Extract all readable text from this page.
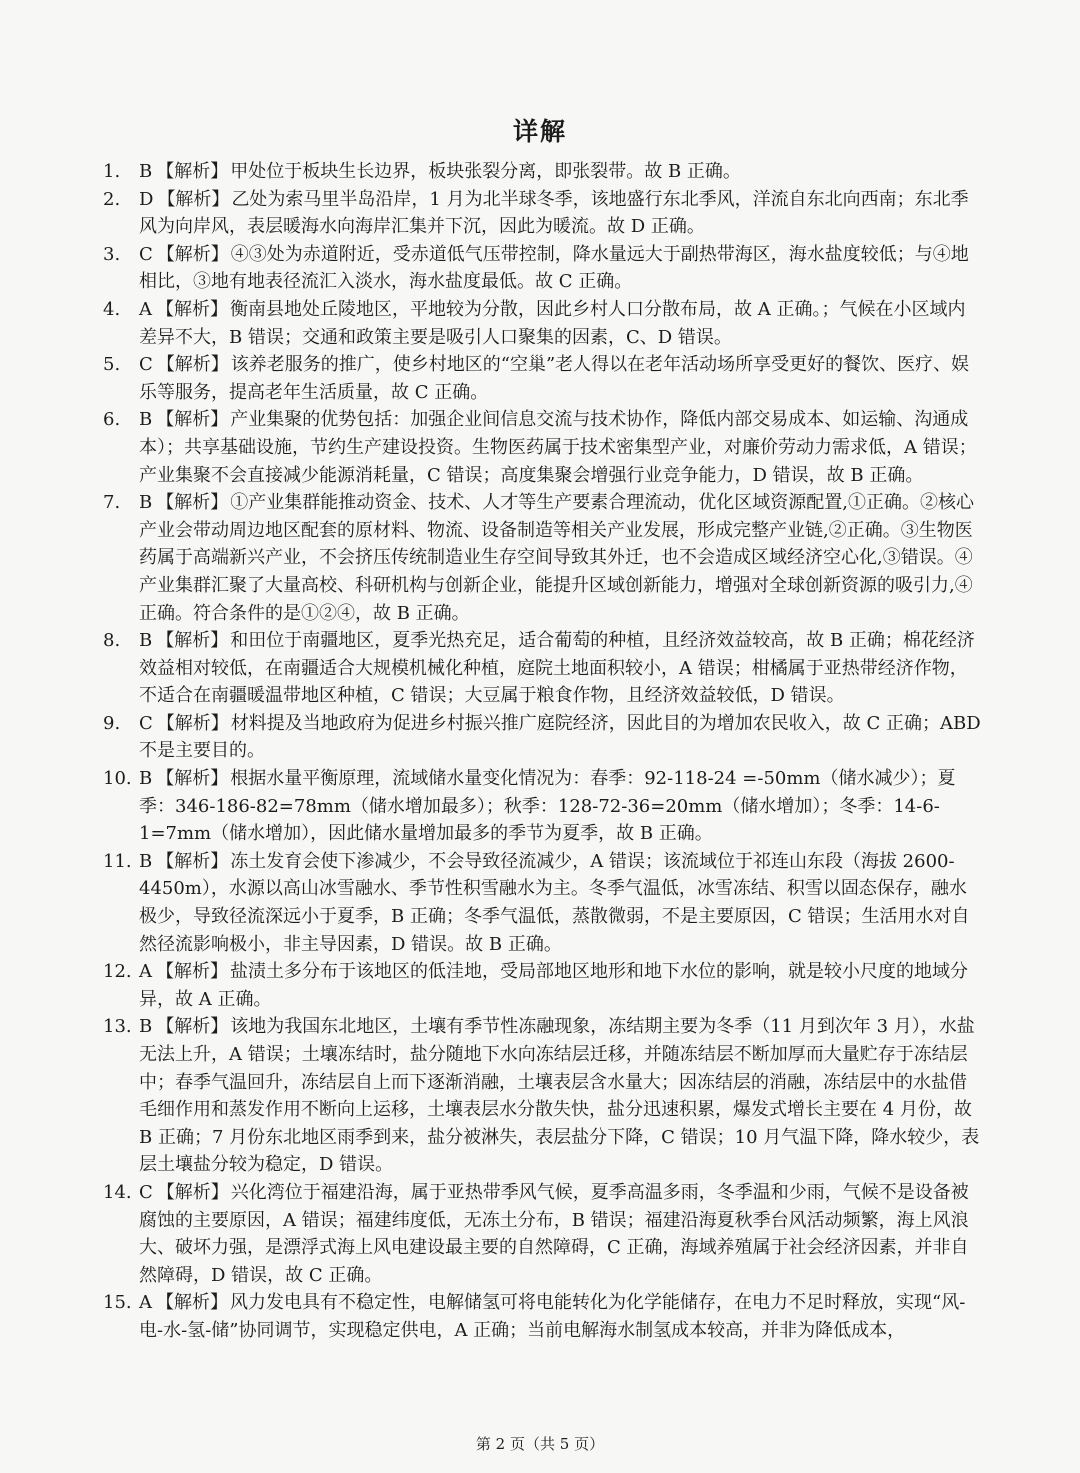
详解
1.	B 【解析】 甲处位于板块生长边界，板块张裂分离，即张裂带。故 B 正确。
2.	D 【解析】 乙处为索马里半岛沿岸，1 月为北半球冬季，该地盛行东北季风，洋流自东北向西南；东北季风为向岸风，表层暖海水向海岸汇集并下沉，因此为暖流。故 D 正确。
3.	C 【解析】 ④③处为赤道附近，受赤道低气压带控制，降水量远大于副热带海区，海水盐度较低；与④地相比，③地有地表径流汇入淡水，海水盐度最低。故 C 正确。
4.	A 【解析】 衡南县地处丘陵地区，平地较为分散，因此乡村人口分散布局，故 A 正确。；气候在小区域内差异不大，B 错误；交通和政策主要是吸引人口聚集的因素，C、D 错误。
5.	C 【解析】 该养老服务的推广，使乡村地区的“空巢”老人得以在老年活动场所享受更好的餐饮、医疗、娱乐等服务，提高老年生活质量，故 C 正确。
6.	B 【解析】 产业集聚的优势包括：加强企业间信息交流与技术协作，降低内部交易成本、如运输、沟通成本）；共享基础设施，节约生产建设投资。生物医药属于技术密集型产业，对廉价劳动力需求低，A 错误；产业集聚不会直接减少能源消耗量，C 错误；高度集聚会增强行业竞争能力，D 错误，故 B 正确。
7.	B 【解析】 ①产业集群能推动资金、技术、人才等生产要素合理流动，优化区域资源配置,①正确。②核心产业会带动周边地区配套的原材料、物流、设备制造等相关产业发展，形成完整产业链,②正确。③生物医药属于高端新兴产业，不会挤压传统制造业生存空间导致其外迁，也不会造成区域经济空心化,③错误。④产业集群汇聚了大量高校、科研机构与创新企业，能提升区域创新能力，增强对全球创新资源的吸引力,④正确。符合条件的是①②④，故 B 正确。
8.	B 【解析】 和田位于南疆地区，夏季光热充足，适合葡萄的种植，且经济效益较高，故 B 正确；棉花经济效益相对较低，在南疆适合大规模机械化种植，庭院土地面积较小，A 错误；柑橘属于亚热带经济作物，不适合在南疆暖温带地区种植，C 错误；大豆属于粮食作物，且经济效益较低，D 错误。
9.	C 【解析】 材料提及当地政府为促进乡村振兴推广庭院经济，因此目的为增加农民收入，故 C 正确；ABD 不是主要目的。
10. B 【解析】 根据水量平衡原理，流域储水量变化情况为：春季：92-118-24 =-50mm（储水减少）；夏季：346-186-82=78mm（储水增加最多）；秋季：128-72-36=20mm（储水增加）；冬季：14-6-1=7mm（储水增加），因此储水量增加最多的季节为夏季，故 B 正确。
11. B 【解析】 冻土发育会使下渗减少，不会导致径流减少，A 错误；该流域位于祁连山东段（海拔 2600-4450m），水源以高山冰雪融水、季节性积雪融水为主。冬季气温低，冰雪冻结、积雪以固态保存，融水极少，导致径流深远小于夏季，B 正确；冬季气温低，蒸散微弱，不是主要原因，C 错误；生活用水对自然径流影响极小，非主导因素，D 错误。故 B 正确。
12. A 【解析】 盐渍土多分布于该地区的低洼地，受局部地区地形和地下水位的影响，就是较小尺度的地域分异，故 A 正确。
13. B 【解析】 该地为我国东北地区，土壤有季节性冻融现象，冻结期主要为冬季（11 月到次年 3 月），水盐无法上升，A 错误；土壤冻结时，盐分随地下水向冻结层迁移，并随冻结层不断加厚而大量贮存于冻结层中；春季气温回升，冻结层自上而下逐渐消融，土壤表层含水量大；因冻结层的消融，冻结层中的水盐借毛细作用和蒸发作用不断向上运移，土壤表层水分散失快，盐分迅速积累，爆发式增长主要在 4 月份，故 B 正确；7 月份东北地区雨季到来，盐分被淋失，表层盐分下降，C 错误；10 月气温下降，降水较少，表层土壤盐分较为稳定，D 错误。
14. C 【解析】 兴化湾位于福建沿海，属于亚热带季风气候，夏季高温多雨，冬季温和少雨，气候不是设备被腐蚀的主要原因，A 错误；福建纬度低，无冻土分布，B 错误；福建沿海夏秋季台风活动频繁，海上风浪大、破坏力强，是漂浮式海上风电建设最主要的自然障碍，C 正确，海域养殖属于社会经济因素，并非自然障碍，D 错误，故 C 正确。
15. A 【解析】 风力发电具有不稳定性，电解储氢可将电能转化为化学能储存，在电力不足时释放，实现“风-电-水-氢-储”协同调节，实现稳定供电，A 正确；当前电解海水制氢成本较高，并非为降低成本，
第 2 页（共 5 页）
